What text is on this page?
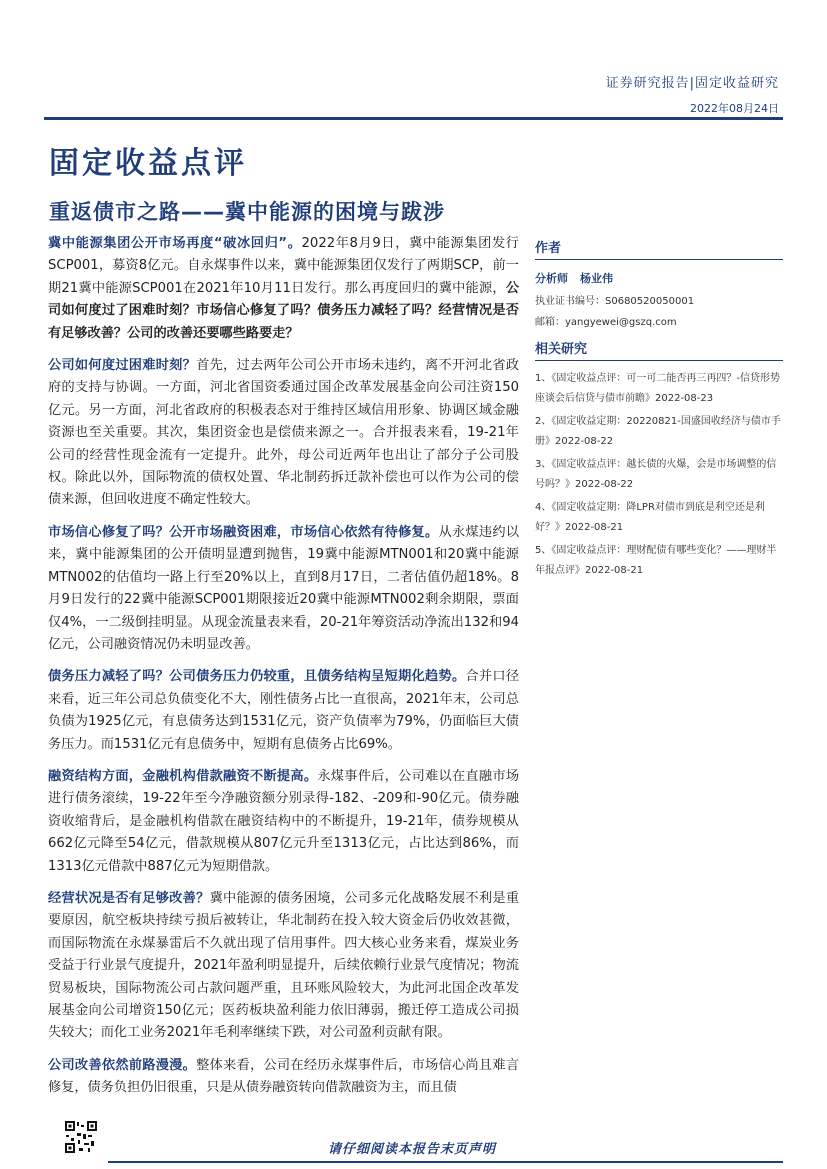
证券研究报告|固定收益研究
2022年08月24日
固定收益点评
重返债市之路——冀中能源的困境与跋涉

冀中能源集团公开市场再度“破冰回归”。2022年8月9日，冀中能源集团发行SCP001，募资8亿元。自永煤事件以来，冀中能源集团仅发行了两期SCP，前一期21冀中能源SCP001在2021年10月11日发行。那么再度回归的冀中能源，公司如何度过了困难时刻？市场信心修复了吗？债务压力减轻了吗？经营情况是否有足够改善？公司的改善还要哪些路要走？

公司如何度过困难时刻？首先，过去两年公司公开市场未违约，离不开河北省政府的支持与协调。一方面，河北省国资委通过国企改革发展基金向公司注资150亿元。另一方面，河北省政府的积极表态对于维持区域信用形象、协调区域金融资源也至关重要。其次，集团资金也是偿债来源之一。合并报表来看，19-21年公司的经营性现金流有一定提升。此外，母公司近两年也出让了部分子公司股权。除此以外，国际物流的债权处置、华北制药拆迁款补偿也可以作为公司的偿债来源，但回收进度不确定性较大。

市场信心修复了吗？公开市场融资困难，市场信心依然有待修复。从永煤违约以来，冀中能源集团的公开债明显遭到抛售，19冀中能源MTN001和20冀中能源MTN002的估值均一路上行至20%以上，直到8月17日，二者估值仍超18%。8月9日发行的22冀中能源SCP001期限接近20冀中能源MTN002剩余期限，票面仅4%，一二级倒挂明显。从现金流量表来看，20-21年筹资活动净流出132和94亿元，公司融资情况仍未明显改善。

债务压力减轻了吗？公司债务压力仍较重，且债务结构呈短期化趋势。合并口径来看，近三年公司总负债变化不大，刚性债务占比一直很高，2021年末，公司总负债为1925亿元，有息债务达到1531亿元，资产负债率为79%，仍面临巨大债务压力。而1531亿元有息债务中，短期有息债务占比69%。

融资结构方面，金融机构借款融资不断提高。永煤事件后，公司难以在直融市场进行债务滚续，19-22年至今净融资额分别录得-182、-209和-90亿元。债券融资收缩背后，是金融机构借款在融资结构中的不断提升，19-21年，债券规模从662亿元降至54亿元，借款规模从807亿元升至1313亿元，占比达到86%，而1313亿元借款中887亿元为短期借款。

经营状况是否有足够改善？冀中能源的债务困境，公司多元化战略发展不利是重要原因，航空板块持续亏损后被转让，华北制药在投入较大资金后仍收效甚微，而国际物流在永煤暴雷后不久就出现了信用事件。四大核心业务来看，煤炭业务受益于行业景气度提升，2021年盈利明显提升，后续依赖行业景气度情况；物流贸易板块，国际物流公司占款问题严重，且环账风险较大，为此河北国企改革发展基金向公司增资150亿元；医药板块盈利能力依旧薄弱，搬迁停工造成公司损失较大；而化工业务2021年毛利率继续下跌，对公司盈利贡献有限。

公司改善依然前路漫漫。整体来看，公司在经历永煤事件后，市场信心尚且难言修复，债务负担仍旧很重，只是从债券融资转向借款融资为主，而且债

作者
分析师 杨业伟
执业证书编号：S0680520050001
邮箱：yangyewei@gszq.com
相关研究
1、《固定收益点评：可一可二能否再三再四？-信贷形势座谈会后信贷与债市前瞻》2022-08-23
2、《固定收益定期：20220821-国盛国收经济与债市手册》2022-08-22
3、《固定收益点评：越长债的火爆，会是市场调整的信号吗？》2022-08-22
4、《固定收益定期：降LPR对债市到底是利空还是利好？》2022-08-21
5、《固定收益点评：理财配债有哪些变化？——理财半年报点评》2022-08-21
请仔细阅读本报告末页声明
